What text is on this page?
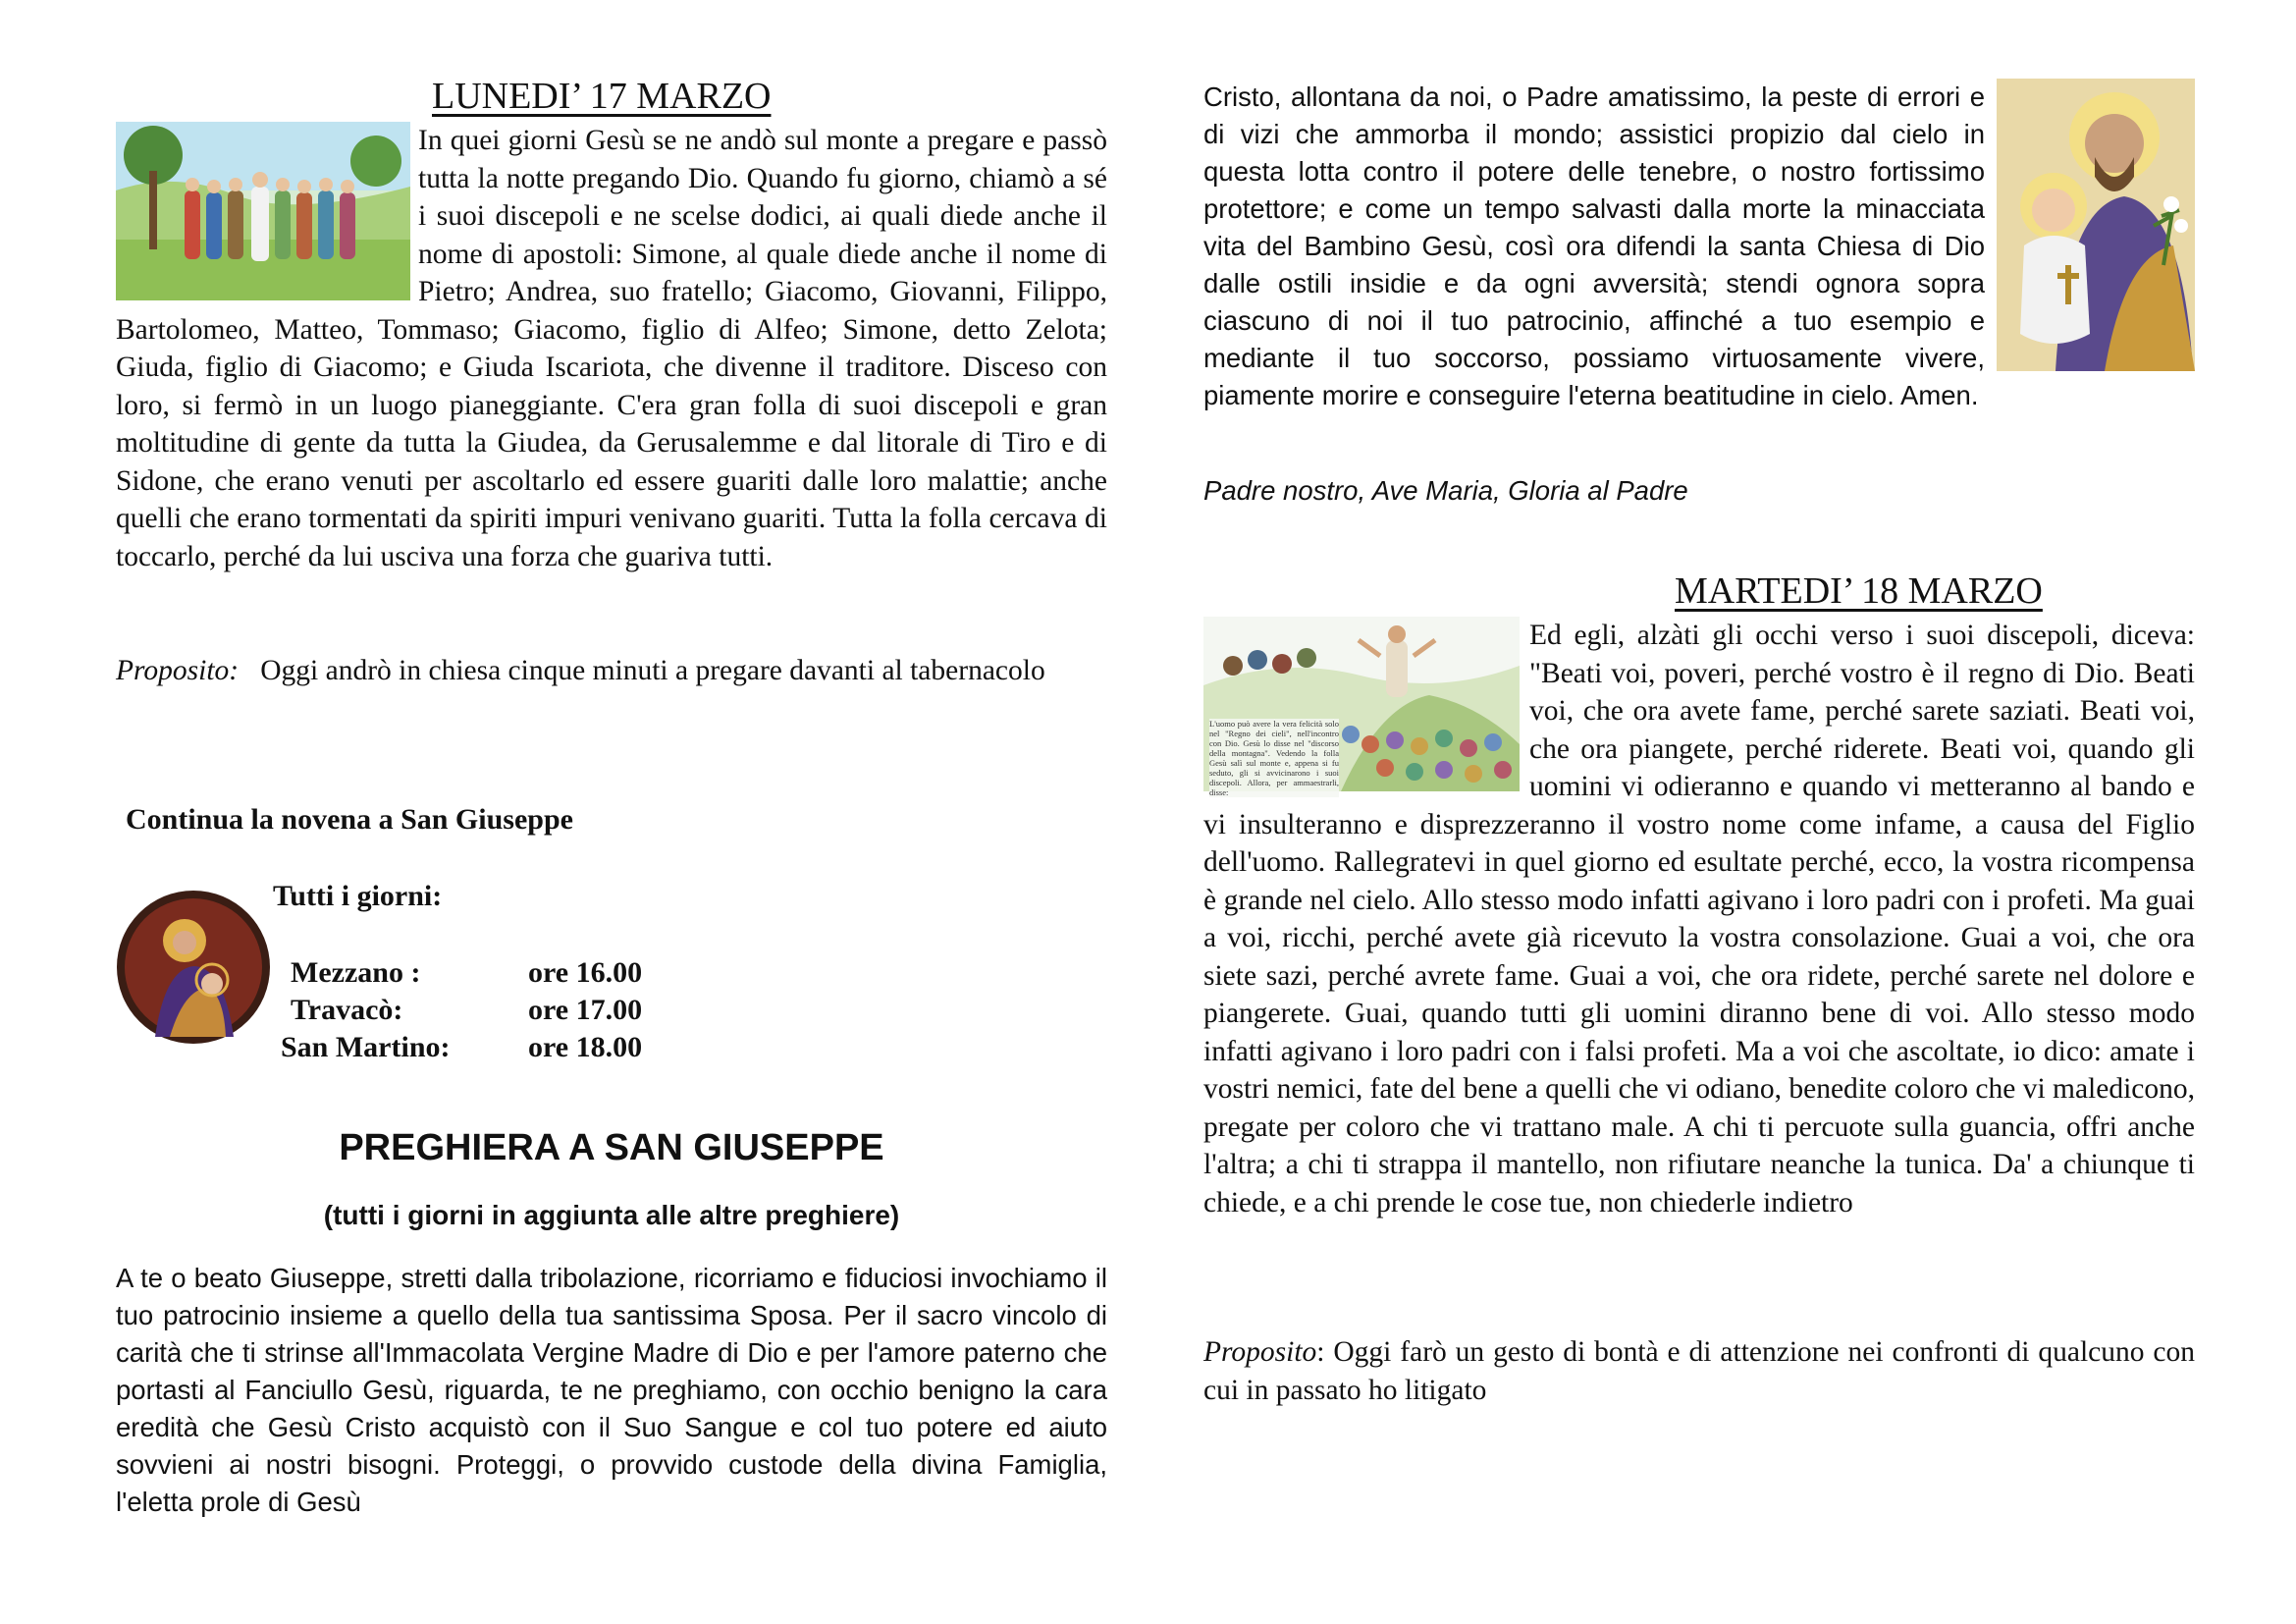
LUNEDI’ 17 MARZO
In quei giorni Gesù se ne andò sul monte a pregare e passò tutta la notte pregando Dio. Quando fu giorno, chiamò a sé i suoi discepoli e ne scelse dodici, ai quali diede anche il nome di apostoli: Simone, al quale diede anche il nome di Pietro; Andrea, suo fratello; Giacomo, Giovanni, Filippo, Bartolomeo, Matteo, Tommaso; Giacomo, figlio di Alfeo; Simone, detto Zelota; Giuda, figlio di Giacomo; e Giuda Iscariota, che divenne il traditore. Disceso con loro, si fermò in un luogo pianeggiante. C'era gran folla di suoi discepoli e gran moltitudine di gente da tutta la Giudea, da Gerusalemme e dal litorale di Tiro e di Sidone, che erano venuti per ascoltarlo ed essere guariti dalle loro malattie; anche quelli che erano tormentati da spiriti impuri venivano guariti. Tutta la folla cercava di toccarlo, perché da lui usciva una forza che guariva tutti.
Proposito: Oggi andrò in chiesa cinque minuti a pregare davanti al tabernacolo
Continua la novena a San Giuseppe
Tutti i giorni:
Mezzano :	ore 16.00
Travacò:	ore 17.00
San Martino:	ore 18.00
PREGHIERA A SAN GIUSEPPE
(tutti i giorni in aggiunta alle altre preghiere)
A te o beato Giuseppe, stretti dalla tribolazione, ricorriamo e fiduciosi invochiamo il tuo patrocinio insieme a quello della tua santissima Sposa. Per il sacro vincolo di carità che ti strinse all'Immacolata Vergine Madre di Dio e per l'amore paterno che portasti al Fanciullo Gesù, riguarda, te ne preghiamo, con occhio benigno la cara eredità che Gesù Cristo acquistò con il Suo Sangue e col tuo potere ed aiuto sovvieni ai nostri bisogni. Proteggi, o provvido custode della divina Famiglia, l'eletta prole di Gesù
Cristo, allontana da noi, o Padre amatissimo, la peste di errori e di vizi che ammorba il mondo; assistici propizio dal cielo in questa lotta contro il potere delle tenebre, o nostro fortissimo protettore; e come un tempo salvasti dalla morte la minacciata vita del Bambino Gesù, così ora difendi la santa Chiesa di Dio dalle ostili insidie e da ogni avversità; stendi ognora sopra ciascuno di noi il tuo patrocinio, affinché a tuo esempio e mediante il tuo soccorso, possiamo virtuosamente vivere, piamente morire e conseguire l'eterna beatitudine in cielo. Amen.
Padre nostro, Ave Maria, Gloria al Padre
MARTEDI’ 18 MARZO
L'uomo può avere la vera felicità solo nel "Regno dei cieli", nell'incontro con Dio. Gesù lo disse nel "discorso della montagna". Vedendo la folla Gesù salì sul monte e, appena si fu seduto, gli si avvicinarono i suoi discepoli. Allora, per ammaestrarli, disse:
Ed egli, alzàti gli occhi verso i suoi discepoli, diceva: "Beati voi, poveri, perché vostro è il regno di Dio. Beati voi, che ora avete fame, perché sarete saziati. Beati voi, che ora piangete, perché riderete. Beati voi, quando gli uomini vi odieranno e quando vi metteranno al bando e vi insulteranno e disprezzeranno il vostro nome come infame, a causa del Figlio dell'uomo. Rallegratevi in quel giorno ed esultate perché, ecco, la vostra ricompensa è grande nel cielo. Allo stesso modo infatti agivano i loro padri con i profeti. Ma guai a voi, ricchi, perché avete già ricevuto la vostra consolazione. Guai a voi, che ora siete sazi, perché avrete fame. Guai a voi, che ora ridete, perché sarete nel dolore e piangerete. Guai, quando tutti gli uomini diranno bene di voi. Allo stesso modo infatti agivano i loro padri con i falsi profeti. Ma a voi che ascoltate, io dico: amate i vostri nemici, fate del bene a quelli che vi odiano, benedite coloro che vi maledicono, pregate per coloro che vi trattano male. A chi ti percuote sulla guancia, offri anche l'altra; a chi ti strappa il mantello, non rifiutare neanche la tunica. Da' a chiunque ti chiede, e a chi prende le cose tue, non chiederle indietro
Proposito: Oggi farò un gesto di bontà e di attenzione nei confronti di qualcuno con cui in passato ho litigato
